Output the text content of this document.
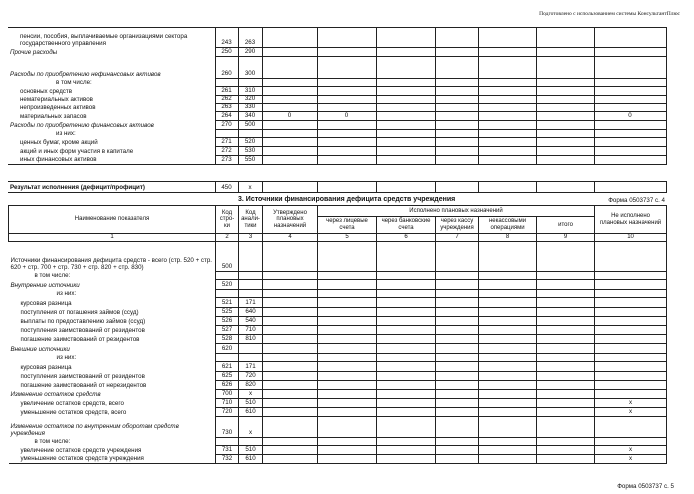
Подготовлено с использованием системы КонсультантПлюс
пенсии, пособия, выплачиваемые организациями сектора государственного управления	243	263							
Прочие расходы	250	290							
Расходы по приобретению нефинансовых активов	260	300							
в том числе:									
основных средств	261	310							
нематериальных активов	262	320							
непроизведенных активов	263	330							
материальных запасов	264	340	0	0					0
Расходы по приобретению финансовых активов	270	500							
из них:									
ценных бумаг, кроме акций	271	520							
акций и иных форм участия в капитале	272	530							
иных финансовых активов	273	550							
Результат исполнения (дефицит/профицит)	450	x							
3. Источники финансирования дефицита средств учреждения	Форма 0503737 с. 4
Наименование показателя	Код стро-ки	Код анали-тики	Утверждено плановых назначений	Исполнено плановых назначений					Не исполнено плановых назначений
				через лицевые счета	через банковские счета	через кассу учреждения	некассовыми операциями	итого	
1	2	3	4	5	6	7	8	9	10
Источники финансирования дефицита средств - всего (стр. 520 + стр. 620 + стр. 700 + стр. 730 + стр. 820 + стр. 830)	500								
в том числе:									
Внутренние источники	520								
из них:									
курсовая разница	521	171							
поступления от погашения займов (ссуд)	525	640							
выплаты по предоставлению займов (ссуд)	526	540							
поступления заимствований от резидентов	527	710							
погашение заимствований от резидентов	528	810							
Внешние источники	620								
из них:									
курсовая разница	621	171							
поступления заимствований от резидентов	625	720							
погашение заимствований от нерезидентов	626	820							
Изменение остатков средств	700	x							
увеличение остатков средств, всего	710	510							x
уменьшение остатков средств, всего	720	610							x
Изменение остатков по внутренним оборотам средств учреждения	730	x							
в том числе:									
увеличение остатков средств учреждения	731	510							x
уменьшение остатков средств учреждения	732	610							x
Форма 0503737 с. 5
